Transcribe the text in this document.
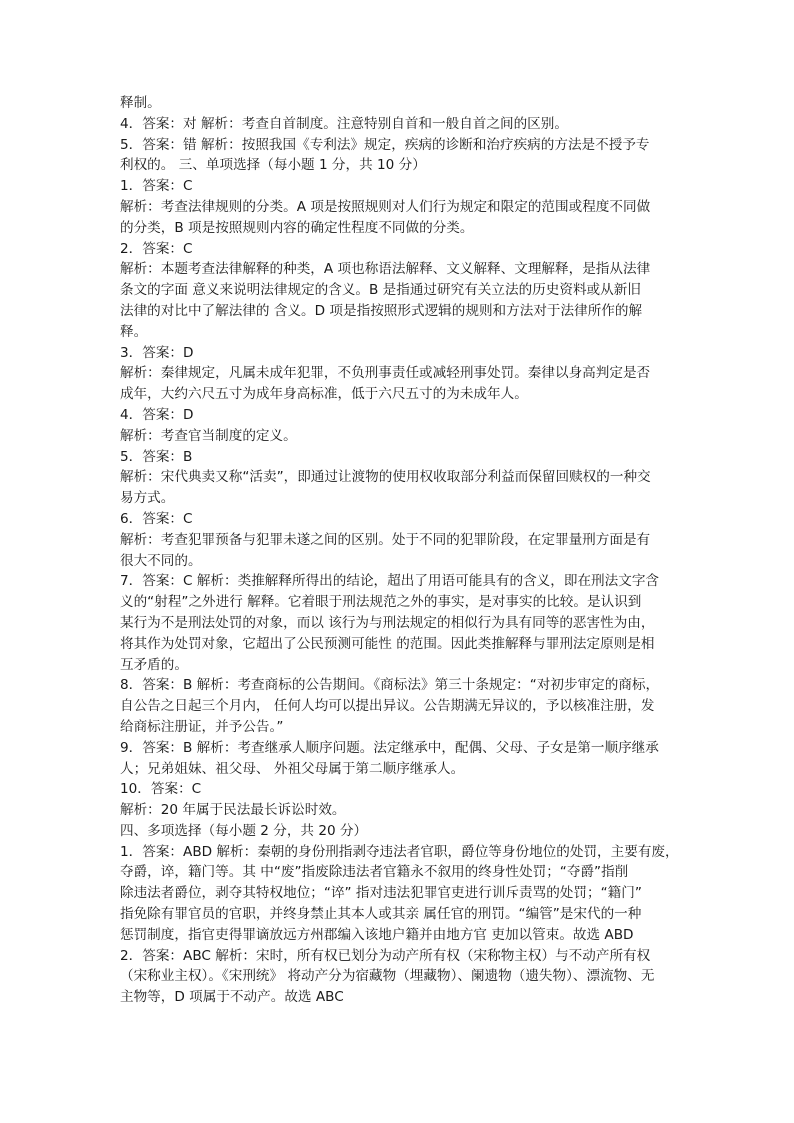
释制。
4．答案：对 解析：考查自首制度。注意特别自首和一般自首之间的区别。
5．答案：错 解析：按照我国《专利法》规定，疾病的诊断和治疗疾病的方法是不授予专
利权的。 三、单项选择（每小题 1 分，共 10 分）
1．答案：C
解析：考查法律规则的分类。A 项是按照规则对人们行为规定和限定的范围或程度不同做
的分类，B 项是按照规则内容的确定性程度不同做的分类。
2．答案：C
解析：本题考查法律解释的种类，A 项也称语法解释、文义解释、文理解释，是指从法律
条文的字面 意义来说明法律规定的含义。B 是指通过研究有关立法的历史资料或从新旧
法律的对比中了解法律的 含义。D 项是指按照形式逻辑的规则和方法对于法律所作的解
释。
3．答案：D
解析：秦律规定，凡属未成年犯罪，不负刑事责任或减轻刑事处罚。秦律以身高判定是否
成年，大约六尺五寸为成年身高标准，低于六尺五寸的为未成年人。
4．答案：D
解析：考查官当制度的定义。
5．答案：B
解析：宋代典卖又称“活卖”，即通过让渡物的使用权收取部分利益而保留回赎权的一种交
易方式。
6．答案：C
解析：考查犯罪预备与犯罪未遂之间的区别。处于不同的犯罪阶段，在定罪量刑方面是有
很大不同的。
7．答案：C 解析：类推解释所得出的结论，超出了用语可能具有的含义，即在刑法文字含
义的“射程”之外进行 解释。它着眼于刑法规范之外的事实，是对事实的比较。是认识到
某行为不是刑法处罚的对象，而以 该行为与刑法规定的相似行为具有同等的恶害性为由，
将其作为处罚对象，它超出了公民预测可能性 的范围。因此类推解释与罪刑法定原则是相
互矛盾的。
8．答案：B 解析：考查商标的公告期间。《商标法》第三十条规定：“对初步审定的商标，
自公告之日起三个月内， 任何人均可以提出异议。公告期满无异议的，予以核准注册，发
给商标注册证，并予公告。”
9．答案：B 解析：考查继承人顺序问题。法定继承中，配偶、父母、子女是第一顺序继承
人；兄弟姐妹、祖父母、 外祖父母属于第二顺序继承人。
10．答案：C
解析：20 年属于民法最长诉讼时效。
四、多项选择（每小题 2 分，共 20 分）
1．答案：ABD 解析：秦朝的身份刑指剥夺违法者官职，爵位等身份地位的处罚，主要有废，
夺爵，谇，籍门等。其 中“废”指废除违法者官籍永不叙用的终身性处罚；“夺爵”指削
除违法者爵位，剥夺其特权地位；“谇” 指对违法犯罪官吏进行训斥责骂的处罚；“籍门”
指免除有罪官员的官职，并终身禁止其本人或其亲 属任官的刑罚。“编管”是宋代的一种
惩罚制度，指官吏得罪谪放远方州郡编入该地户籍并由地方官 吏加以管束。故选 ABD
2．答案：ABC 解析：宋时，所有权已划分为动产所有权（宋称物主权）与不动产所有权
（宋称业主权）。《宋刑统》 将动产分为宿藏物（埋藏物）、阑遗物（遗失物）、漂流物、无
主物等，D 项属于不动产。故选 ABC
